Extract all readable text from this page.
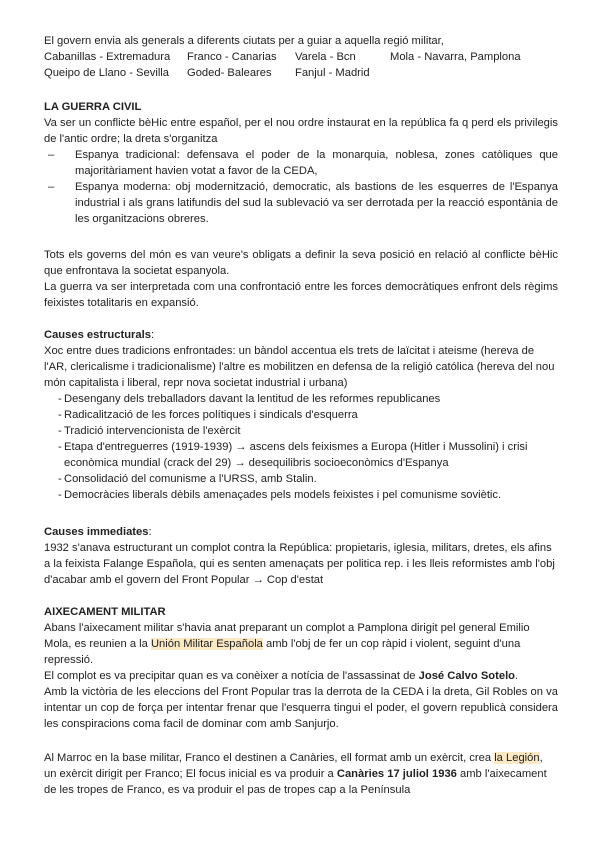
El govern envia als generals a diferents ciutats per a guiar a aquella regió militar,

Cabanillas - Extremadura	Franco - Canarias	Varela - Bcn	Mola - Navarra, Pamplona
Queipo de Llano - Sevilla	Goded- Baleares	Fanjul - Madrid
LA GUERRA CIVIL

Va ser un conflicte bèHic entre español, per el nou ordre instaurat en la república fa q perd els privilegis de l'antic ordre; la dreta s'organitza

– Espanya tradicional: defensava el poder de la monarquia, noblesa, zones catòliques que majoritàriament havien votat a favor de la CEDA,
– Espanya moderna: obj modernització, democratic, als bastions de les esquerres de l'Espanya industrial i als grans latifundis del sud la sublevació va ser derrotada per la reacció espontània de les organitzacions obreres.

Tots els governs del món es van veure's obligats a definir la seva posició en relació al conflicte bèHic que enfrontava la societat espanyola.

La guerra va ser interpretada com una confrontació entre les forces democràtiques enfront dels règims feixistes totalitaris en expansió.

Causes estructurals:

Xoc entre dues tradicions enfrontades: un bàndol accentua els trets de laïcitat i ateisme (hereva de l'AR, clericalisme i tradicionalisme) l'altre es mobilitzen en defensa de la religió católica (hereva del nou món capitalista i liberal, repr nova societat industrial i urbana)

- Desengany dels treballadors davant la lentitud de les reformes republicanes
- Radicalització de les forces polítiques i sindicals d'esquerra
- Tradició intervencionista de l'exèrcit
- Etapa d'entreguerres (1919-1939) → ascens dels feixismes a Europa (Hitler i Mussolini) i crisi econòmica mundial (crack del 29) → desequilibris socioeconòmics d'Espanya
- Consolidació del comunisme a l'URSS, amb Stalin.
- Democràcies liberals dèbils amenaçades pels models feixistes i pel comunisme soviètic.
Causes immediates:

1932 s'anava estructurant un complot contra la República: propietaris, iglesia, militars, dretes, els afins a la feixista Falange Española, qui es senten amenaçats per politica rep. i les lleis reformistes amb l'obj d'acabar amb el govern del Front Popular → Cop d'estat

AIXECAMENT MILITAR

Abans l'aixecament militar s'havia anat preparant un complot a Pamplona dirigit pel general Emilio Mola, es reunien a la Unión Militar Española amb l'obj de fer un cop ràpid i violent, seguint d'una repressió.

El complot es va precipitar quan es va conèixer a notícia de l'assassinat de José Calvo Sotelo.

Amb la victòria de les eleccions del Front Popular tras la derrota de la CEDA i la dreta, Gil Robles on va intentar un cop de força per intentar frenar que l'esquerra tingui el poder, el govern republicà considera les conspiracions coma facil de dominar com amb Sanjurjo.

Al Marroc en la base militar, Franco el destinen a Canàries, ell format amb un exèrcit, crea la Legión, un exèrcit dirigit per Franco; El focus inicial es va produir a Canàries 17 juliol 1936 amb l'aixecament de les tropes de Franco, es va produir el pas de tropes cap a la Península
